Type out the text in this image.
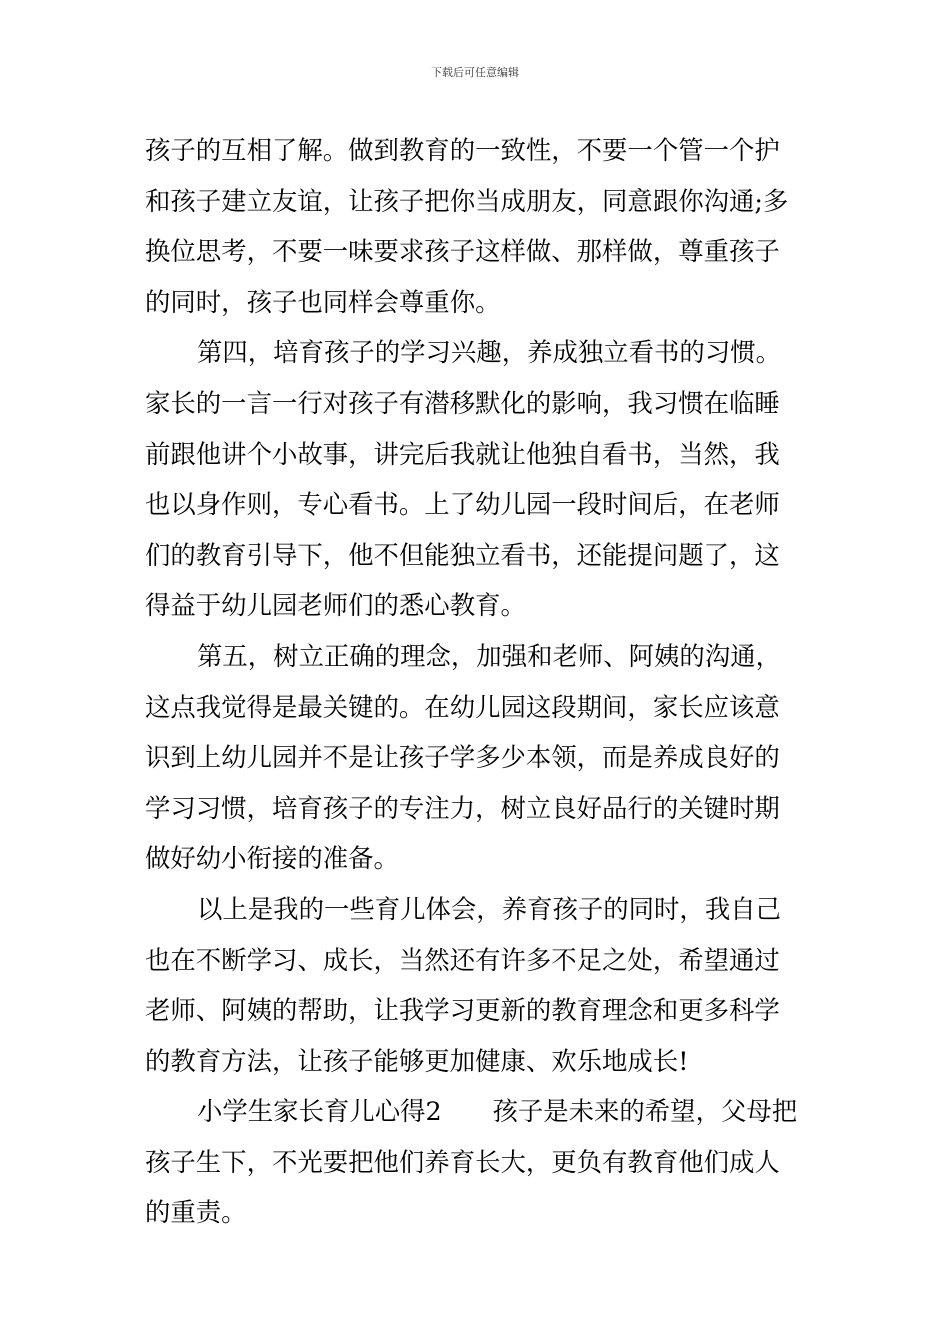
下载后可任意编辑
孩子的互相了解。做到教育的一致性，不要一个管一个护
和孩子建立友谊，让孩子把你当成朋友，同意跟你沟通;多
换位思考，不要一味要求孩子这样做、那样做，尊重孩子
的同时，孩子也同样会尊重你。
第四，培育孩子的学习兴趣，养成独立看书的习惯。
家长的一言一行对孩子有潜移默化的影响，我习惯在临睡
前跟他讲个小故事，讲完后我就让他独自看书，当然，我
也以身作则，专心看书。上了幼儿园一段时间后，在老师
们的教育引导下，他不但能独立看书，还能提问题了，这
得益于幼儿园老师们的悉心教育。
第五，树立正确的理念，加强和老师、阿姨的沟通，
这点我觉得是最关键的。在幼儿园这段期间，家长应该意
识到上幼儿园并不是让孩子学多少本领，而是养成良好的
学习习惯，培育孩子的专注力，树立良好品行的关键时期
做好幼小衔接的准备。
以上是我的一些育儿体会，养育孩子的同时，我自己
也在不断学习、成长，当然还有许多不足之处，希望通过
老师、阿姨的帮助，让我学习更新的教育理念和更多科学
的教育方法，让孩子能够更加健康、欢乐地成长!
小学生家长育儿心得2　　孩子是未来的希望，父母把
孩子生下，不光要把他们养育长大，更负有教育他们成人
的重责。
